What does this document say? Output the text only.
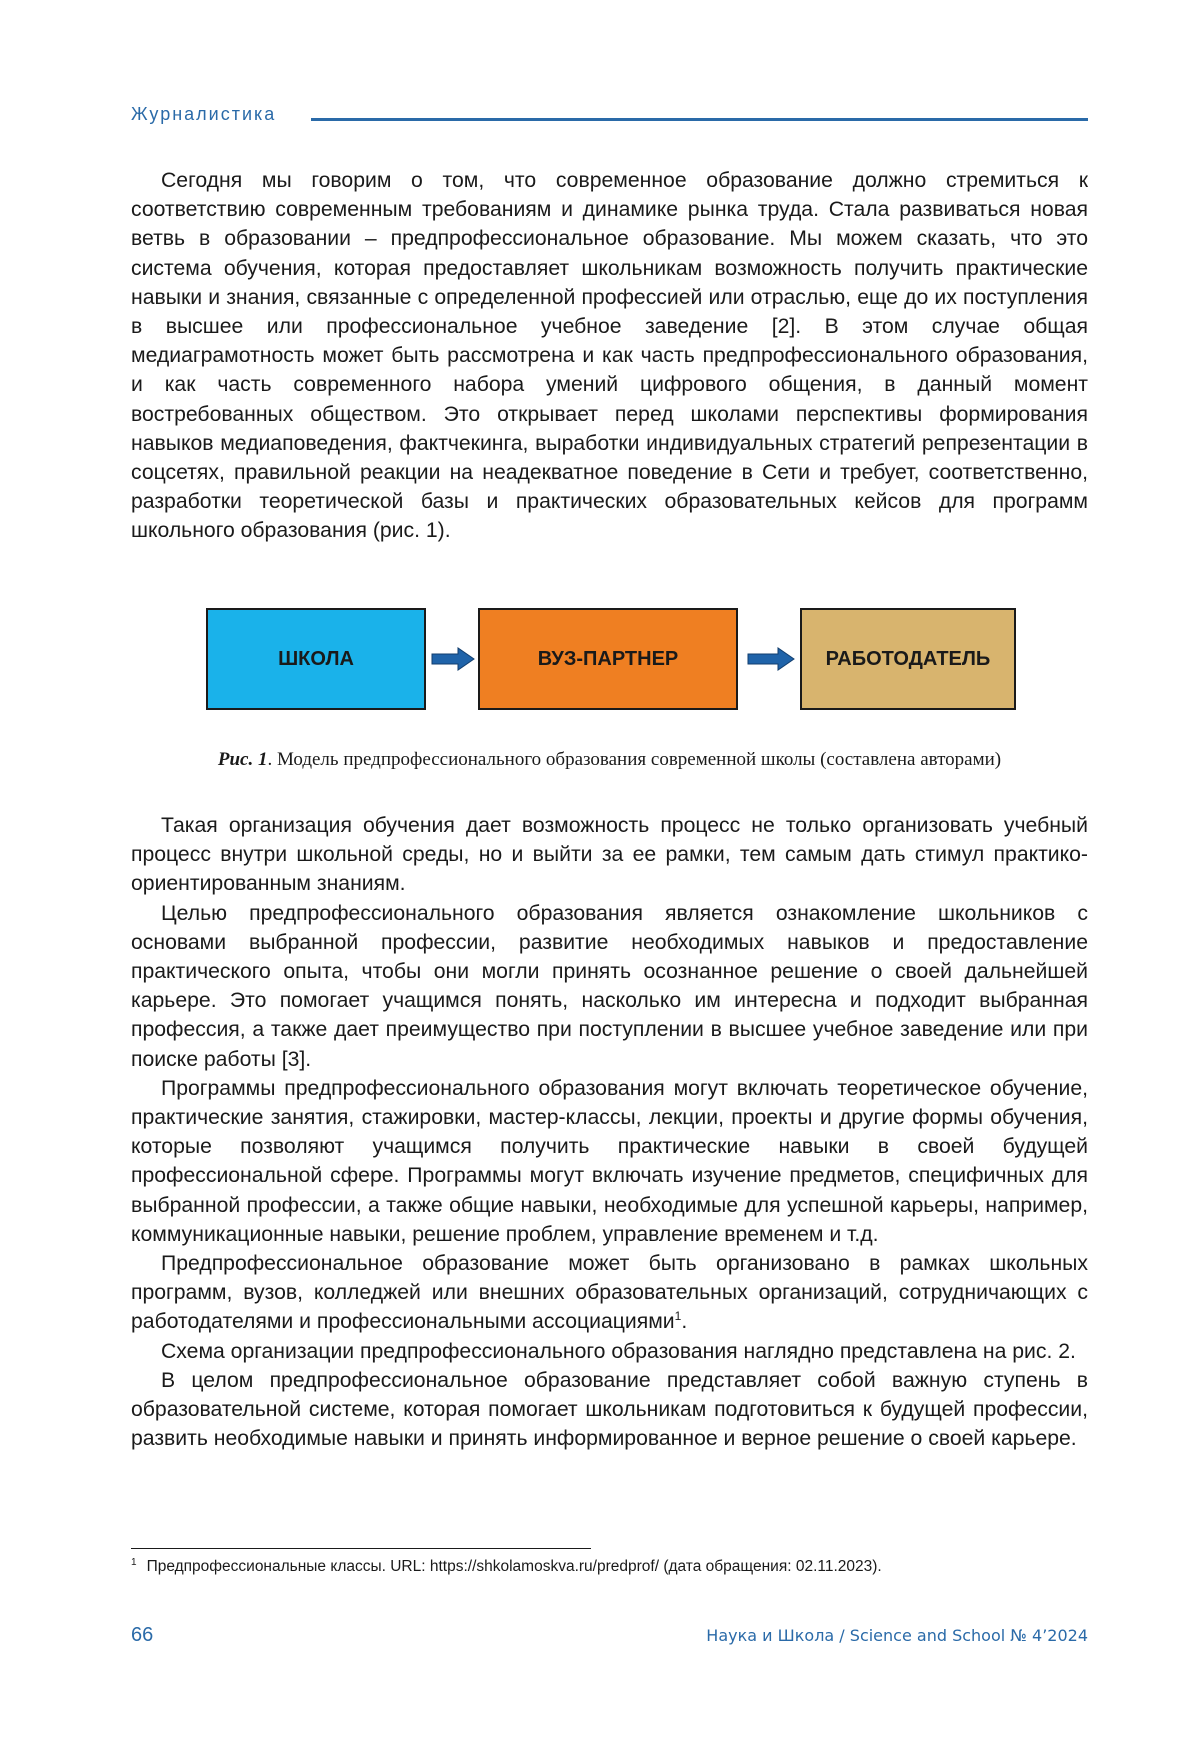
Журналистика

Сегодня мы говорим о том, что современное образование должно стремиться к соответствию современным требованиям и динамике рынка труда. Стала развиваться новая ветвь в образовании – предпрофессиональное образование. Мы можем сказать, что это система обучения, которая предоставляет школьникам возможность получить практические навыки и знания, связанные с определенной профессией или отраслью, еще до их поступления в высшее или профессиональное учебное заведение [2]. В этом случае общая медиаграмотность может быть рассмотрена и как часть предпрофессионального образования, и как часть современного набора умений цифрового общения, в данный момент востребованных обществом. Это открывает перед школами перспективы формирования навыков медиаповедения, фактчекинга, выработки индивидуальных стратегий репрезентации в соцсетях, правильной реакции на неадекватное поведение в Сети и требует, соответственно, разработки теоретической базы и практических образовательных кейсов для программ школьного образования (рис. 1).

ШКОЛА	ВУЗ-ПАРТНЕР	РАБОТОДАТЕЛЬ
Рис. 1. Модель предпрофессионального образования современной школы (составлена авторами)

Такая организация обучения дает возможность процесс не только организовать учебный процесс внутри школьной среды, но и выйти за ее рамки, тем самым дать стимул практико-ориентированным знаниям.

Целью предпрофессионального образования является ознакомление школьников с основами выбранной профессии, развитие необходимых навыков и предоставление практического опыта, чтобы они могли принять осознанное решение о своей дальнейшей карьере. Это помогает учащимся понять, насколько им интересна и подходит выбранная профессия, а также дает преимущество при поступлении в высшее учебное заведение или при поиске работы [3].

Программы предпрофессионального образования могут включать теоретическое обучение, практические занятия, стажировки, мастер-классы, лекции, проекты и другие формы обучения, которые позволяют учащимся получить практические навыки в своей будущей профессиональной сфере. Программы могут включать изучение предметов, специфичных для выбранной профессии, а также общие навыки, необходимые для успешной карьеры, например, коммуникационные навыки, решение проблем, управление временем и т.д.

Предпрофессиональное образование может быть организовано в рамках школьных программ, вузов, колледжей или внешних образовательных организаций, сотрудничающих с работодателями и профессиональными ассоциациями$^1$.

Схема организации предпрофессионального образования наглядно представлена на рис. 2.

В целом предпрофессиональное образование представляет собой важную ступень в образовательной системе, которая помогает школьникам подготовиться к будущей профессии, развить необходимые навыки и принять информированное и верное решение о своей карьере.

$^1$ Предпрофессиональные классы. URL: https://shkolamoskva.ru/predprof/ (дата обращения: 02.11.2023).
66	Наука и Школа / Science and School № 4’2024
